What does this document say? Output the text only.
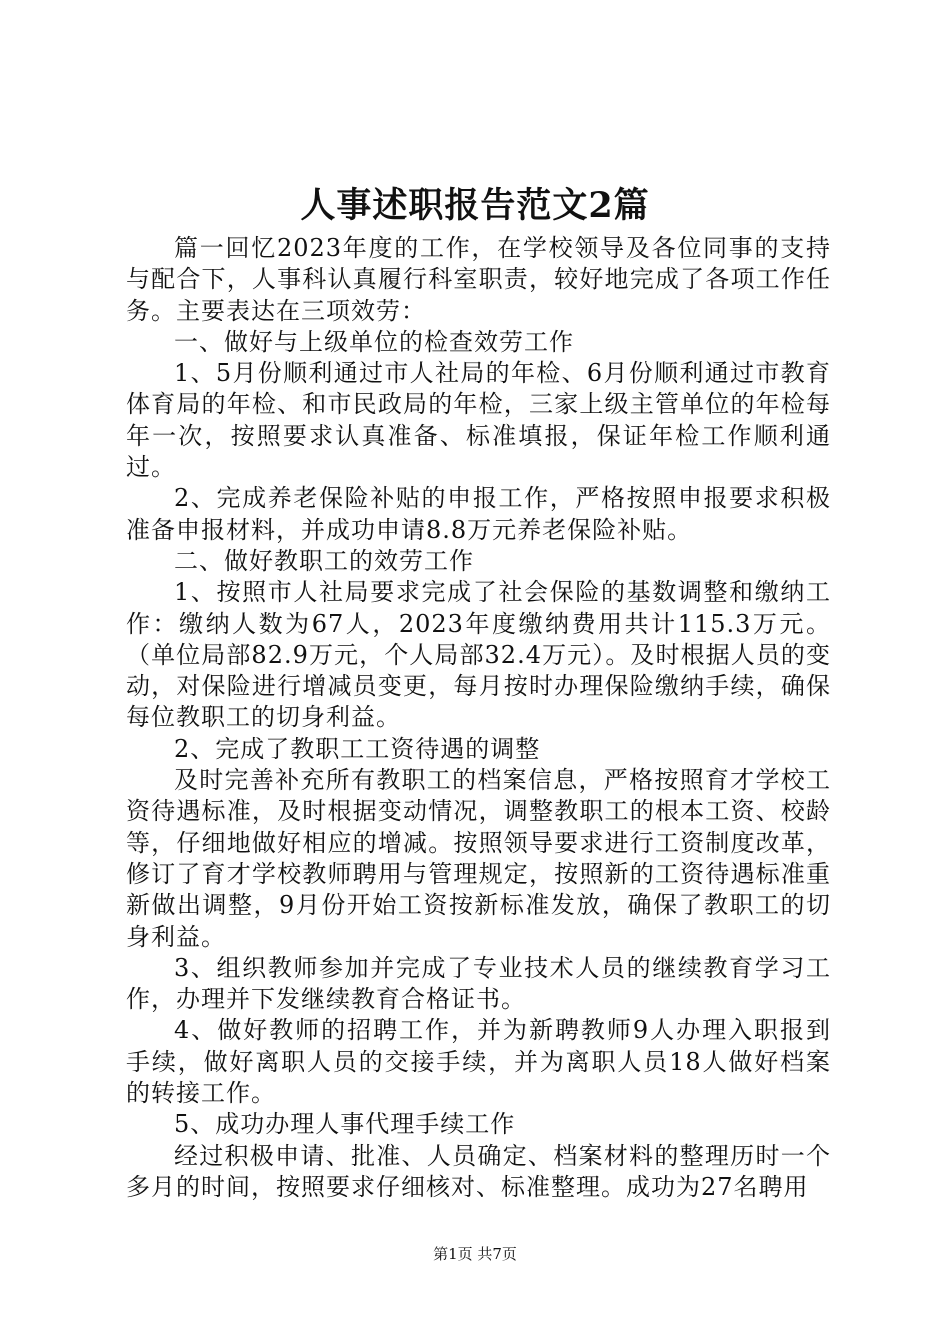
人事述职报告范文2篇

篇一回忆2023年度的工作，在学校领导及各位同事的支持与配合下，人事科认真履行科室职责，较好地完成了各项工作任务。主要表达在三项效劳：

一、做好与上级单位的检查效劳工作

1、5月份顺利通过市人社局的年检、6月份顺利通过市教育体育局的年检、和市民政局的年检，三家上级主管单位的年检每年一次，按照要求认真准备、标准填报，保证年检工作顺利通过。

2、完成养老保险补贴的申报工作，严格按照申报要求积极准备申报材料，并成功申请8.8万元养老保险补贴。

二、做好教职工的效劳工作

1、按照市人社局要求完成了社会保险的基数调整和缴纳工作：缴纳人数为67人，2023年度缴纳费用共计115.3万元。（单位局部82.9万元，个人局部32.4万元）。及时根据人员的变动，对保险进行增减员变更，每月按时办理保险缴纳手续，确保每位教职工的切身利益。

2、完成了教职工工资待遇的调整

及时完善补充所有教职工的档案信息，严格按照育才学校工资待遇标准，及时根据变动情况，调整教职工的根本工资、校龄等，仔细地做好相应的增减。按照领导要求进行工资制度改革，修订了育才学校教师聘用与管理规定，按照新的工资待遇标准重新做出调整，9月份开始工资按新标准发放，确保了教职工的切身利益。

3、组织教师参加并完成了专业技术人员的继续教育学习工作，办理并下发继续教育合格证书。

4、做好教师的招聘工作，并为新聘教师9人办理入职报到手续，做好离职人员的交接手续，并为离职人员18人做好档案的转接工作。

5、成功办理人事代理手续工作

经过积极申请、批准、人员确定、档案材料的整理历时一个多月的时间，按照要求仔细核对、标准整理。成功为27名聘用

第1页 共7页
